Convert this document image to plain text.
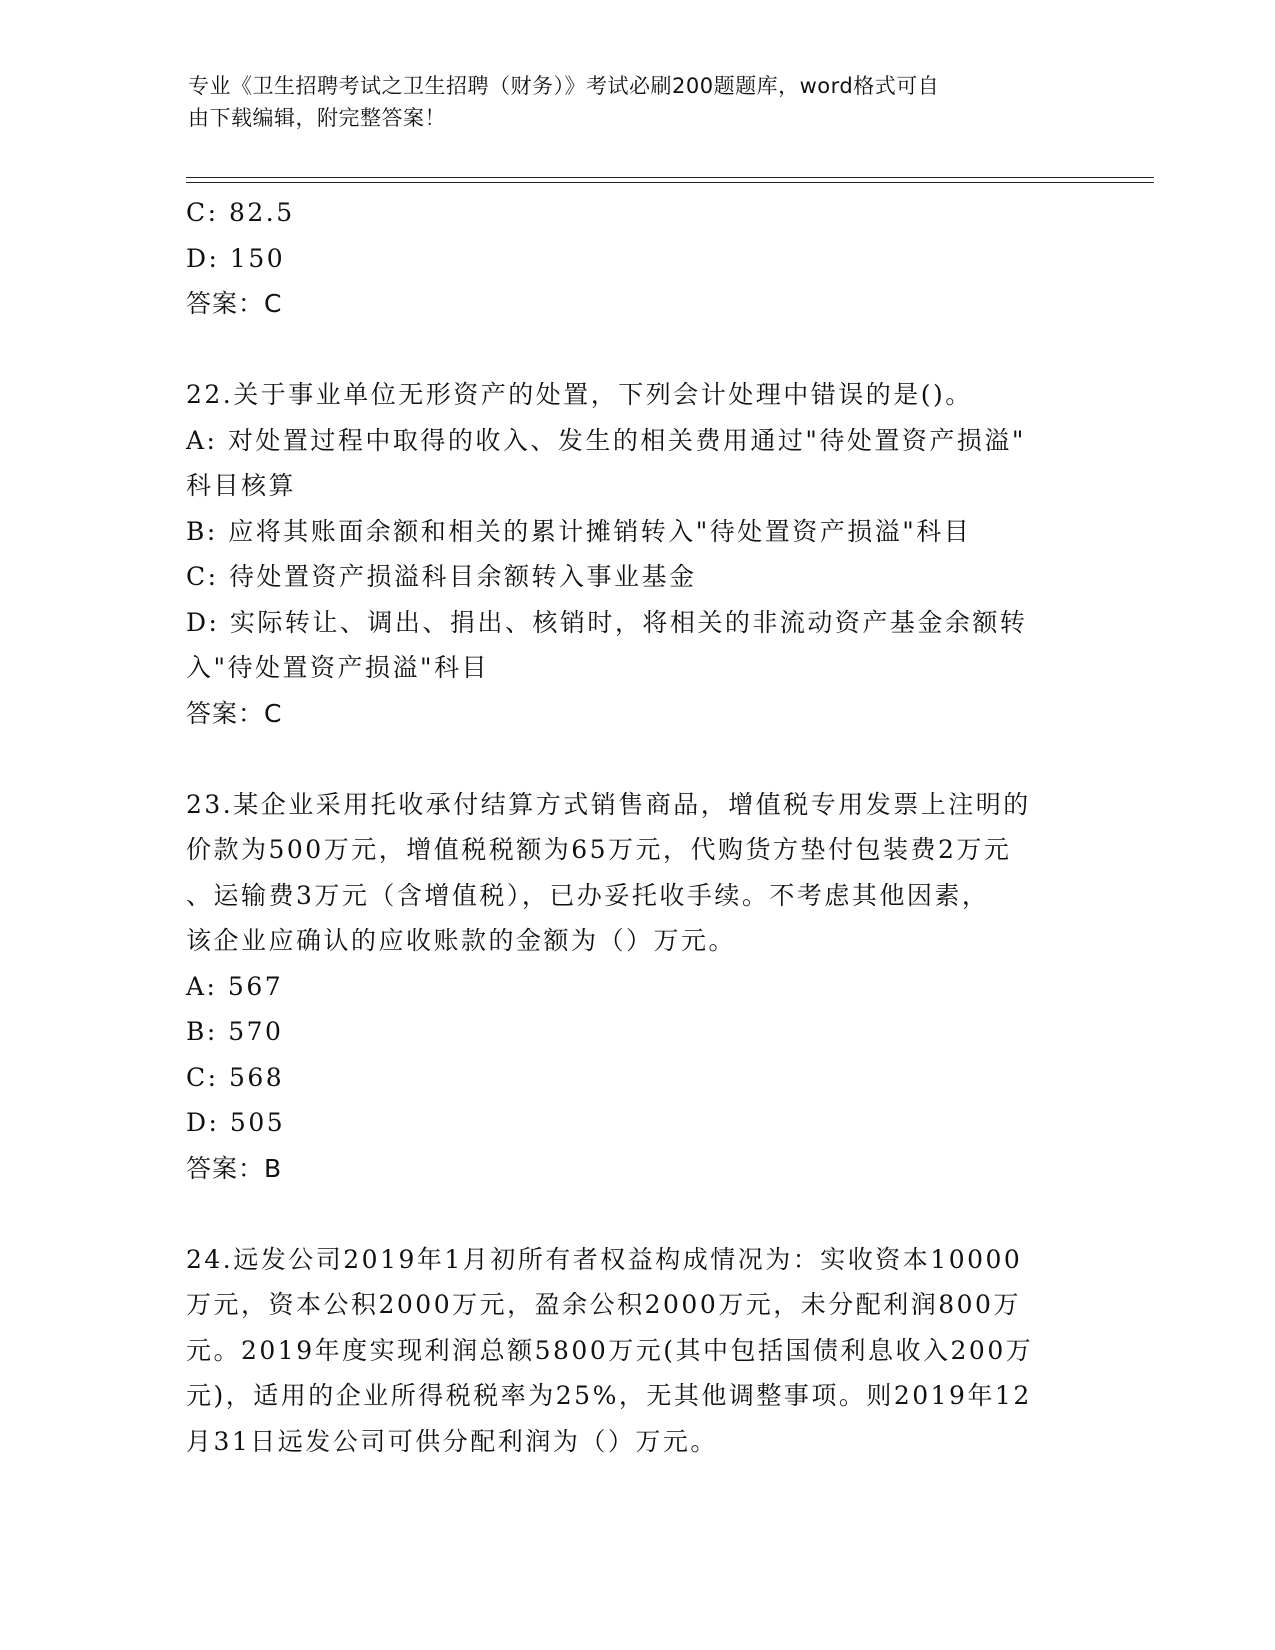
专业《卫生招聘考试之卫生招聘（财务）》考试必刷200题题库，word格式可自
由下载编辑，附完整答案！
C: 82.5
D: 150
答案：C
22.关于事业单位无形资产的处置，下列会计处理中错误的是()。
A: 对处置过程中取得的收入、发生的相关费用通过"待处置资产损溢"
科目核算
B: 应将其账面余额和相关的累计摊销转入"待处置资产损溢"科目
C: 待处置资产损溢科目余额转入事业基金
D: 实际转让、调出、捐出、核销时，将相关的非流动资产基金余额转
入"待处置资产损溢"科目
答案：C
23.某企业采用托收承付结算方式销售商品，增值税专用发票上注明的
价款为500万元，增值税税额为65万元，代购货方垫付包装费2万元
、运输费3万元（含增值税），已办妥托收手续。不考虑其他因素，
该企业应确认的应收账款的金额为（）万元。
A: 567
B: 570
C: 568
D: 505
答案：B
24.远发公司2019年1月初所有者权益构成情况为：实收资本10000
万元，资本公积2000万元，盈余公积2000万元，未分配利润800万
元。2019年度实现利润总额5800万元(其中包括国债利息收入200万
元)，适用的企业所得税税率为25%，无其他调整事项。则2019年12
月31日远发公司可供分配利润为（）万元。
